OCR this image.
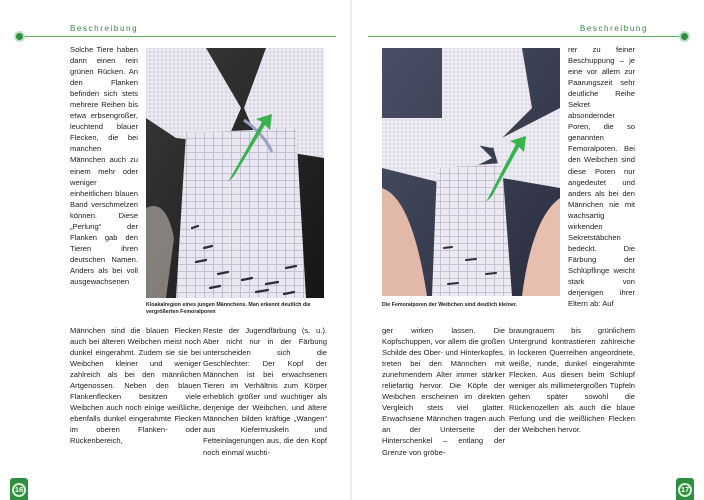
Beschreibung
Solche Tiere haben dann einen rein grünen Rücken. An den Flanken befinden sich stets mehrere Reihen bis etwa erbsengroßer, leuchtend blauer Flecken, die bei manchen Männchen auch zu einem mehr oder weniger einheitlichen blauen Band verschmelzen können. Diese „Perlung“ der Flanken gab den Tieren ihren deutschen Namen. Anders als bei voll ausgewachsenen
Kloakalregion eines jungen Männchens. Man erkennt deutlich die vergrößerten Femoralporen
Männchen sind die blauen Flecken auch bei älteren Weibchen meist noch dunkel eingerahmt. Zudem sie sie bei Weibchen kleiner und weniger zahlreich als bei den männlichen Artgenossen. Neben den blauen Flankenflecken besitzen viele Weibchen auch noch einige weißliche, ebenfalls dunkel eingerahmte Flecken im oberen Flanken- oder Rückenbereich,
Reste der Jugendfärbung (s. u.). Aber nicht nur in der Färbung unterscheiden sich die Geschlechter: Der Kopf der Männchen ist bei erwachsenen Tieren im Verhältnis zum Körper erheblich größer und wuchtiger als derjenige der Weibchen, und ältere Männchen bilden kräftige „Wangen“ aus Kiefermuskeln und Fetteinlagerungen aus, die den Kopf noch einmal wuchti-
16
Beschreibung
Die Femoralporen der Weibchen sind deutlich kleiner.
rer zu feiner Beschuppung – je eine vor allem zur Paarungszeit sehr deutliche Reihe Sekret absondernder Poren, die so genannten Femoralporen. Bei den Weibchen sind diese Poren nur angedeutet und anders als bei den Männchen nie mit wachsartig wirkenden Sekretstäbchen bedeckt. Die Färbung der Schlüpflinge weicht stark von derjenigen ihrer Eltern ab: Auf
ger wirken lassen. Die Kopfschuppen, vor allem die großen Schilde des Ober- und Hinterkopfes, treten bei den Männchen mit zunehmendem Alter immer stärker reliefartig hervor. Die Köpfe der Weibchen erscheinen im direkten Vergleich stets viel glatter. Erwachsene Männchen tragen auch an der Unterseite der Hinterschenkel – entlang der Grenze von gröbe-
braungrauem bis grünlichem Untergrund kontrastieren zahlreiche in lockeren Querreihen angeordnete, weiße, runde, dunkel eingerahmte Flecken. Aus diesen beim Schlupf weniger als millimetergroßen Tüpfeln gehen später sowohl die Rückenozellen als auch die blaue Perlung und die weißlichen Flecken der Weibchen hervor.
17
